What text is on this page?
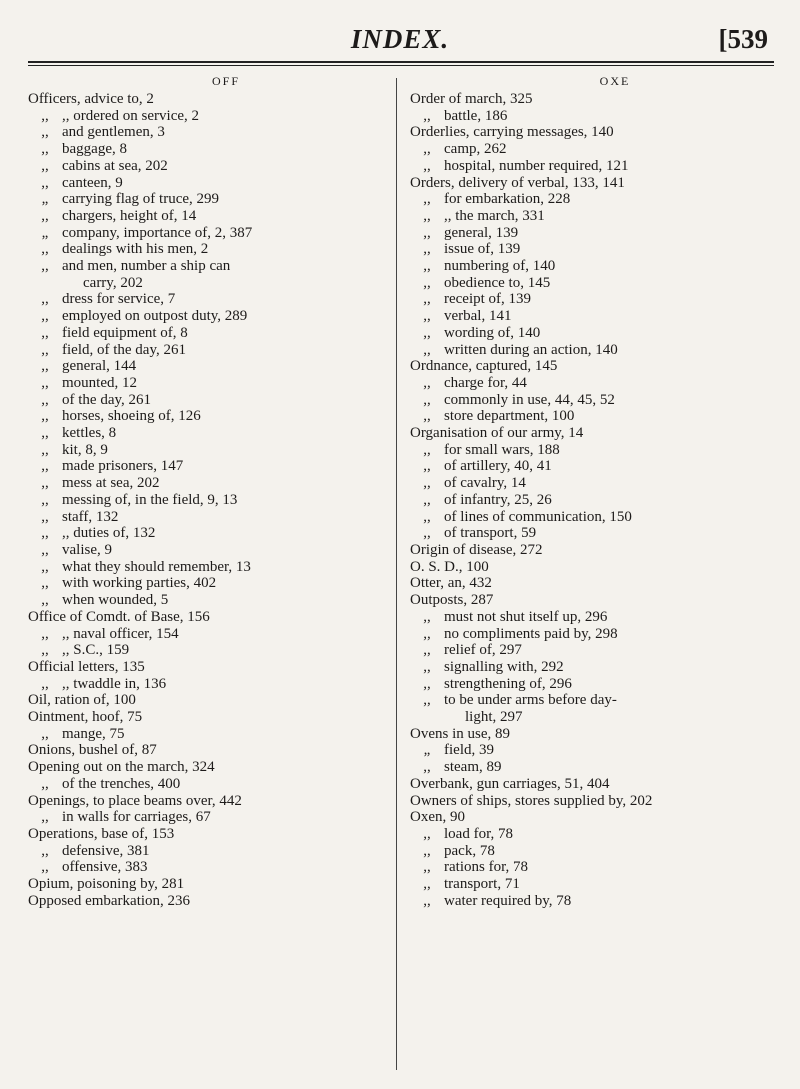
INDEX.	[539
OFF
Officers, advice to, 2
,, ,, ordered on service, 2
,, and gentlemen, 3
,, baggage, 8
,, cabins at sea, 202
,, canteen, 9
„ carrying flag of truce, 299
,, chargers, height of, 14
„ company, importance of, 2, 387
,, dealings with his men, 2
,, and men, number a ship can
carry, 202
,, dress for service, 7
,, employed on outpost duty, 289
,, field equipment of, 8
,, field, of the day, 261
,, general, 144
,, mounted, 12
,, of the day, 261
,, horses, shoeing of, 126
,, kettles, 8
,, kit, 8, 9
,, made prisoners, 147
,, mess at sea, 202
,, messing of, in the field, 9, 13
,, staff, 132
,, ,, duties of, 132
,, valise, 9
,, what they should remember, 13
,, with working parties, 402
,, when wounded, 5
Office of Comdt. of Base, 156
,, ,, naval officer, 154
,, ,, S.C., 159
Official letters, 135
,, ,, twaddle in, 136
Oil, ration of, 100
Ointment, hoof, 75
,, mange, 75
Onions, bushel of, 87
Opening out on the march, 324
,, of the trenches, 400
Openings, to place beams over, 442
,, in walls for carriages, 67
Operations, base of, 153
,, defensive, 381
,, offensive, 383
Opium, poisoning by, 281
Opposed embarkation, 236
OXE
Order of march, 325
,, battle, 186
Orderlies, carrying messages, 140
,, camp, 262
,, hospital, number required, 121
Orders, delivery of verbal, 133, 141
,, for embarkation, 228
,, ,, the march, 331
,, general, 139
,, issue of, 139
,, numbering of, 140
,, obedience to, 145
,, receipt of, 139
,, verbal, 141
,, wording of, 140
,, written during an action, 140
Ordnance, captured, 145
,, charge for, 44
,, commonly in use, 44, 45, 52
,, store department, 100
Organisation of our army, 14
,, for small wars, 188
,, of artillery, 40, 41
,, of cavalry, 14
,, of infantry, 25, 26
,, of lines of communication, 150
,, of transport, 59
Origin of disease, 272
O. S. D., 100
Otter, an, 432
Outposts, 287
,, must not shut itself up, 296
,, no compliments paid by, 298
,, relief of, 297
,, signalling with, 292
,, strengthening of, 296
,, to be under arms before day-
light, 297
Ovens in use, 89
„ field, 39
,, steam, 89
Overbank, gun carriages, 51, 404
Owners of ships, stores supplied by, 202
Oxen, 90
,, load for, 78
,, pack, 78
,, rations for, 78
,, transport, 71
,, water required by, 78
